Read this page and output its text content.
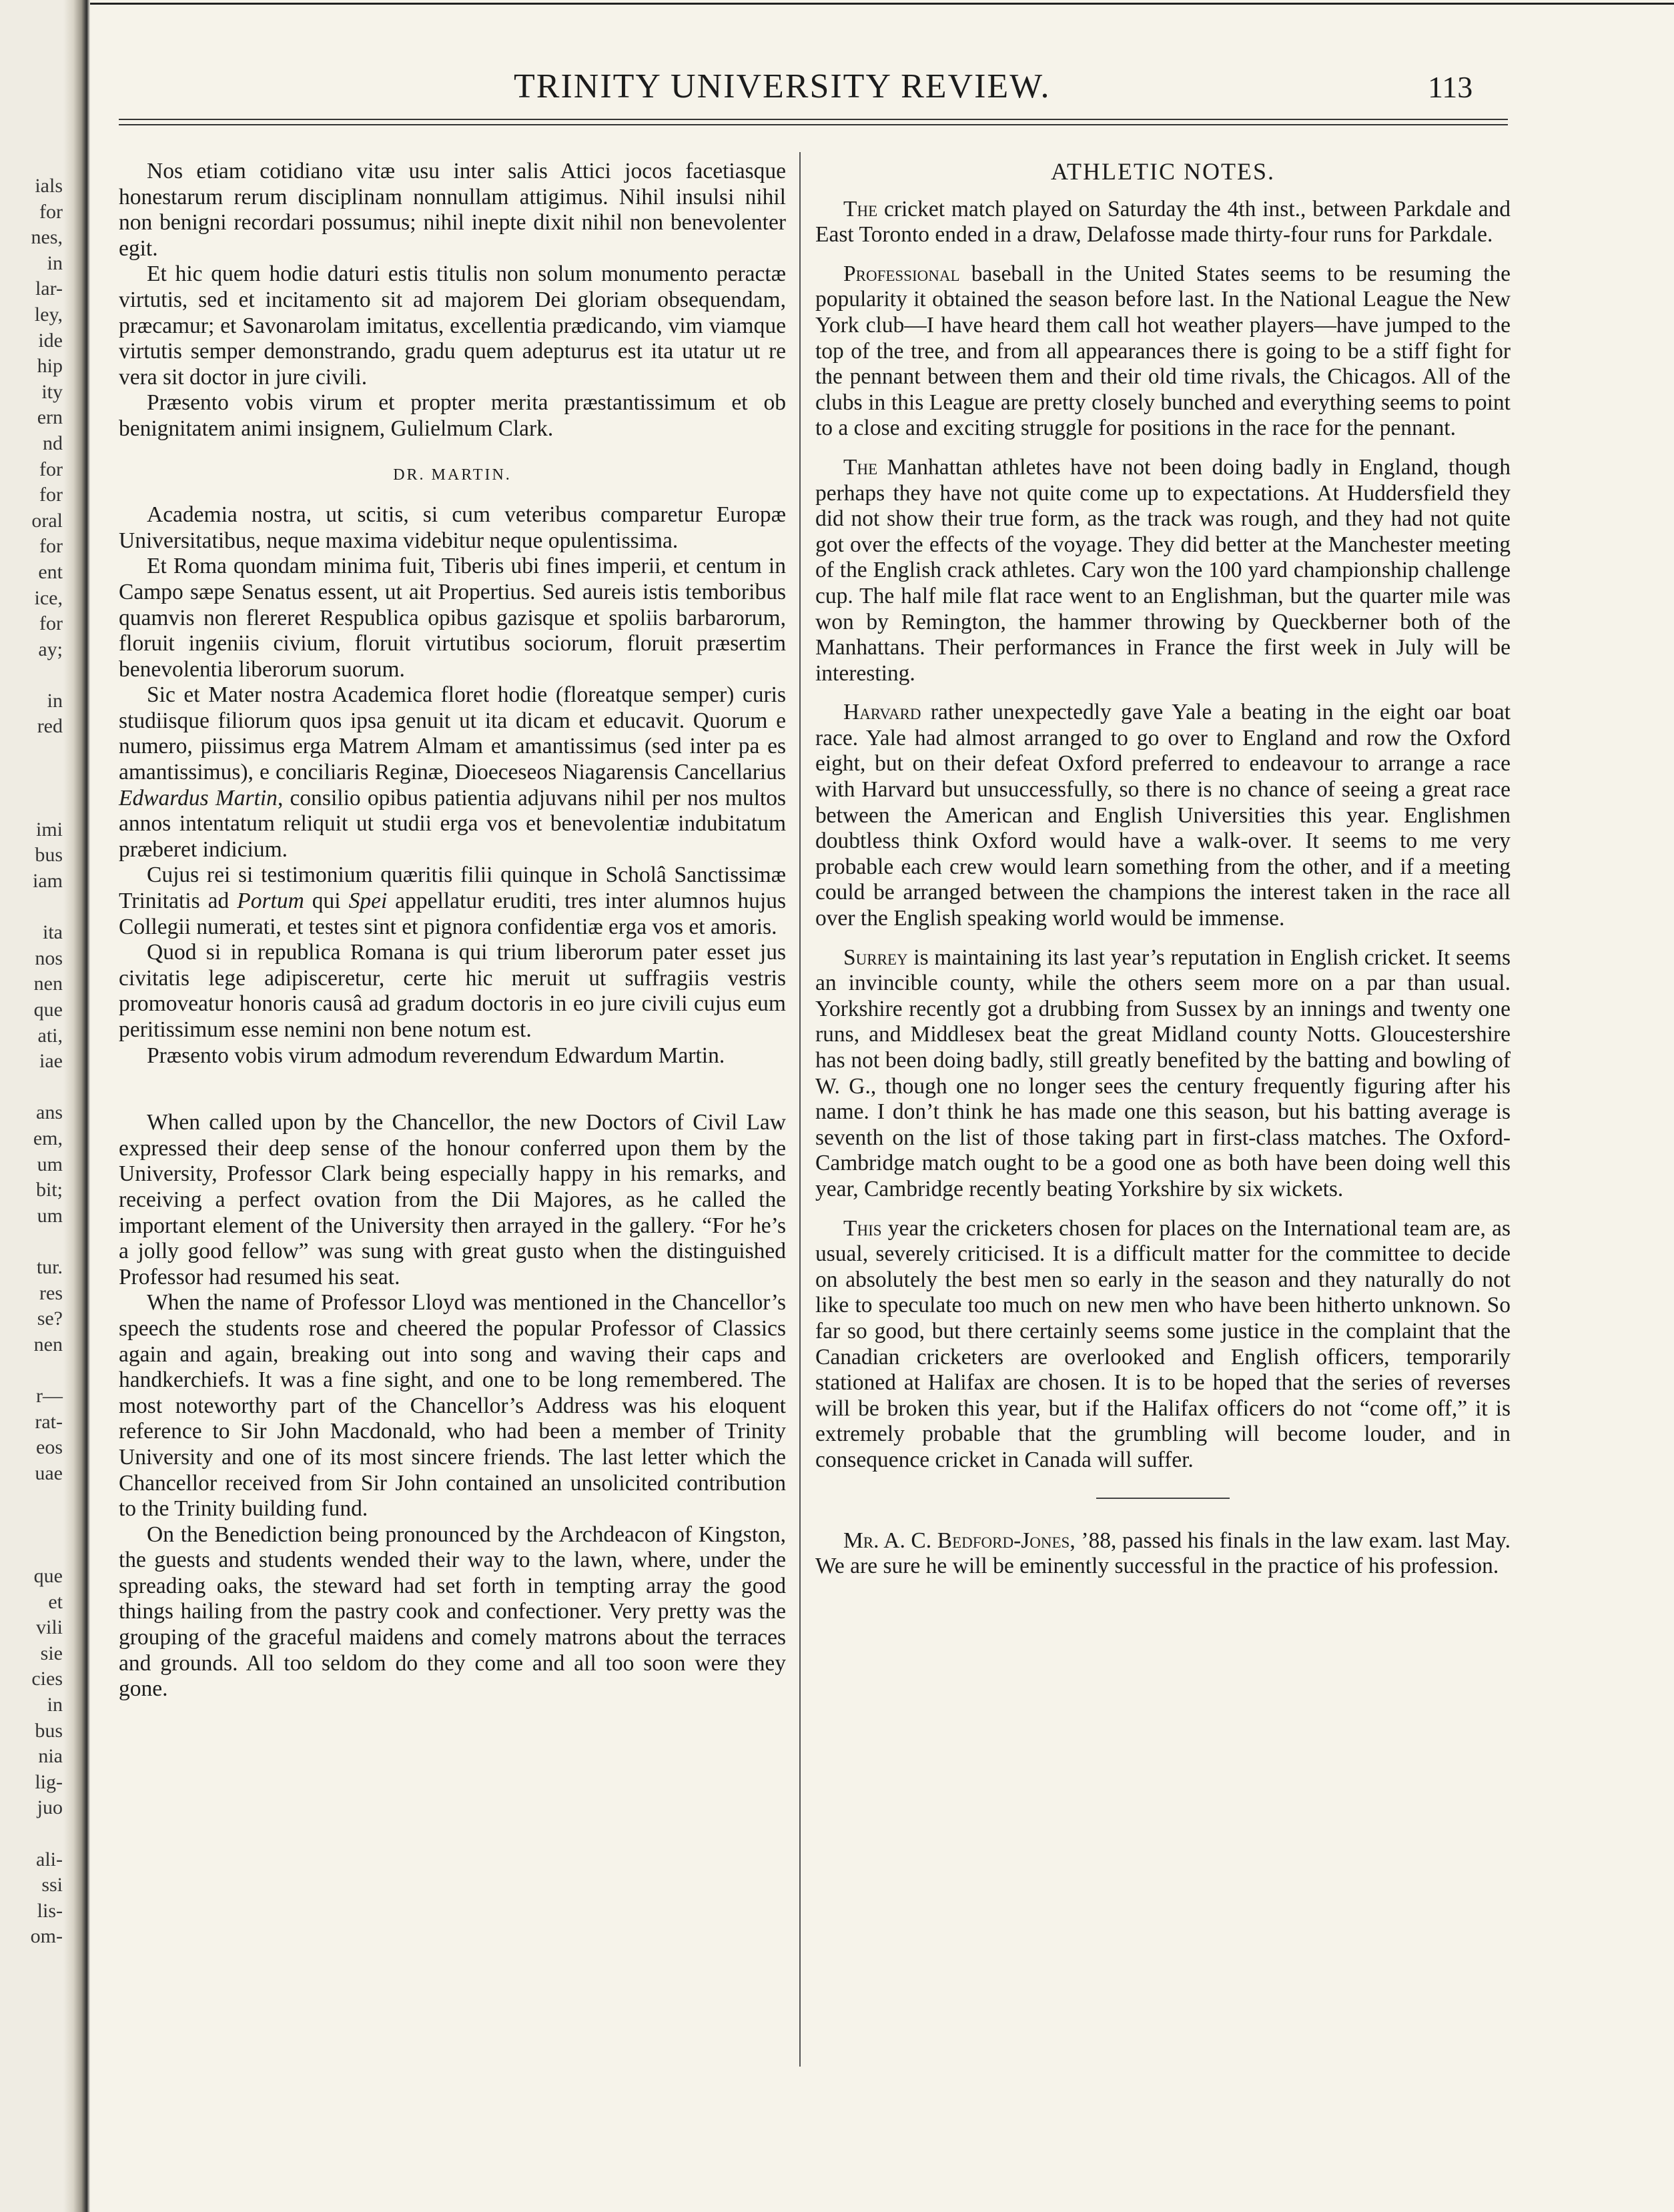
ials
for
nes,
in
lar-
ley,
ide
hip
ity
ern
nd
for
for
oral
for
ent
ice,
for
ay;
in
red
imi
bus
iam
ita
nos
nen
que
ati,
iae
ans
em,
um
bit;
um
tur.
res
se?
nen
r—
rat-
eos
uae
que
et
vili
sie
cies
in
bus
nia
lig-
juo
ali-
ssi
lis-
om-
TRINITY UNIVERSITY REVIEW.	113

Nos etiam cotidiano vitæ usu inter salis Attici jocos facetiasque honestarum rerum disciplinam nonnullam attigimus. Nihil insulsi nihil non benigni recordari possumus; nihil inepte dixit nihil non benevolenter egit.

Et hic quem hodie daturi estis titulis non solum monumento peractæ virtutis, sed et incitamento sit ad majorem Dei gloriam obsequendam, præcamur; et Savonarolam imitatus, excellentia prædicando, vim viamque virtutis semper demonstrando, gradu quem adepturus est ita utatur ut re vera sit doctor in jure civili.

Præsento vobis virum et propter merita præstantissimum et ob benignitatem animi insignem, Gulielmum Clark.

DR. MARTIN.

Academia nostra, ut scitis, si cum veteribus comparetur Europæ Universitatibus, neque maxima videbitur neque opulentissima.

Et Roma quondam minima fuit, Tiberis ubi fines imperii, et centum in Campo sæpe Senatus essent, ut ait Propertius. Sed aureis istis temboribus quamvis non flereret Respublica opibus gazisque et spoliis barbarorum, floruit ingeniis civium, floruit virtutibus sociorum, floruit præsertim benevolentia liberorum suorum.

Sic et Mater nostra Academica floret hodie (floreatque semper) curis studiisque filiorum quos ipsa genuit ut ita dicam et educavit. Quorum e numero, piissimus erga Matrem Almam et amantissimus (sed inter pa es amantissimus), e conciliaris Reginæ, Dioeceseos Niagarensis Cancellarius Edwardus Martin, consilio opibus patientia adjuvans nihil per nos multos annos intentatum reliquit ut studii erga vos et benevolentiæ indubitatum præberet indicium.

Cujus rei si testimonium quæritis filii quinque in Scholâ Sanctissimæ Trinitatis ad Portum qui Spei appellatur eruditi, tres inter alumnos hujus Collegii numerati, et testes sint et pignora confidentiæ erga vos et amoris.

Quod si in republica Romana is qui trium liberorum pater esset jus civitatis lege adipisceretur, certe hic meruit ut suffragiis vestris promoveatur honoris causâ ad gradum doctoris in eo jure civili cujus eum peritissimum esse nemini non bene notum est.

Præsento vobis virum admodum reverendum Edwardum Martin.

When called upon by the Chancellor, the new Doctors of Civil Law expressed their deep sense of the honour conferred upon them by the University, Professor Clark being especially happy in his remarks, and receiving a perfect ovation from the Dii Majores, as he called the important element of the University then arrayed in the gallery. “For he’s a jolly good fellow” was sung with great gusto when the distinguished Professor had resumed his seat.

When the name of Professor Lloyd was mentioned in the Chancellor’s speech the students rose and cheered the popular Professor of Classics again and again, breaking out into song and waving their caps and handkerchiefs. It was a fine sight, and one to be long remembered. The most noteworthy part of the Chancellor’s Address was his eloquent reference to Sir John Macdonald, who had been a member of Trinity University and one of its most sincere friends. The last letter which the Chancellor received from Sir John contained an unsolicited contribution to the Trinity building fund.

On the Benediction being pronounced by the Archdeacon of Kingston, the guests and students wended their way to the lawn, where, under the spreading oaks, the steward had set forth in tempting array the good things hailing from the pastry cook and confectioner. Very pretty was the grouping of the graceful maidens and comely matrons about the terraces and grounds. All too seldom do they come and all too soon were they gone.

ATHLETIC NOTES.

The cricket match played on Saturday the 4th inst., between Parkdale and East Toronto ended in a draw, Delafosse made thirty-four runs for Parkdale.

Professional baseball in the United States seems to be resuming the popularity it obtained the season before last. In the National League the New York club—I have heard them call hot weather players—have jumped to the top of the tree, and from all appearances there is going to be a stiff fight for the pennant between them and their old time rivals, the Chicagos. All of the clubs in this League are pretty closely bunched and everything seems to point to a close and exciting struggle for positions in the race for the pennant.

The Manhattan athletes have not been doing badly in England, though perhaps they have not quite come up to expectations. At Huddersfield they did not show their true form, as the track was rough, and they had not quite got over the effects of the voyage. They did better at the Manchester meeting of the English crack athletes. Cary won the 100 yard championship challenge cup. The half mile flat race went to an Englishman, but the quarter mile was won by Remington, the hammer throwing by Queckberner both of the Manhattans. Their performances in France the first week in July will be interesting.

Harvard rather unexpectedly gave Yale a beating in the eight oar boat race. Yale had almost arranged to go over to England and row the Oxford eight, but on their defeat Oxford preferred to endeavour to arrange a race with Harvard but unsuccessfully, so there is no chance of seeing a great race between the American and English Universities this year. Englishmen doubtless think Oxford would have a walk-over. It seems to me very probable each crew would learn something from the other, and if a meeting could be arranged between the champions the interest taken in the race all over the English speaking world would be immense.

Surrey is maintaining its last year’s reputation in English cricket. It seems an invincible county, while the others seem more on a par than usual. Yorkshire recently got a drubbing from Sussex by an innings and twenty one runs, and Middlesex beat the great Midland county Notts. Gloucestershire has not been doing badly, still greatly benefited by the batting and bowling of W. G., though one no longer sees the century frequently figuring after his name. I don’t think he has made one this season, but his batting average is seventh on the list of those taking part in first-class matches. The Oxford-Cambridge match ought to be a good one as both have been doing well this year, Cambridge recently beating Yorkshire by six wickets.

This year the cricketers chosen for places on the International team are, as usual, severely criticised. It is a difficult matter for the committee to decide on absolutely the best men so early in the season and they naturally do not like to speculate too much on new men who have been hitherto unknown. So far so good, but there certainly seems some justice in the complaint that the Canadian cricketers are overlooked and English officers, temporarily stationed at Halifax are chosen. It is to be hoped that the series of reverses will be broken this year, but if the Halifax officers do not “come off,” it is extremely probable that the grumbling will become louder, and in consequence cricket in Canada will suffer.

Mr. A. C. Bedford-Jones, ’88, passed his finals in the law exam. last May. We are sure he will be eminently successful in the practice of his profession.
